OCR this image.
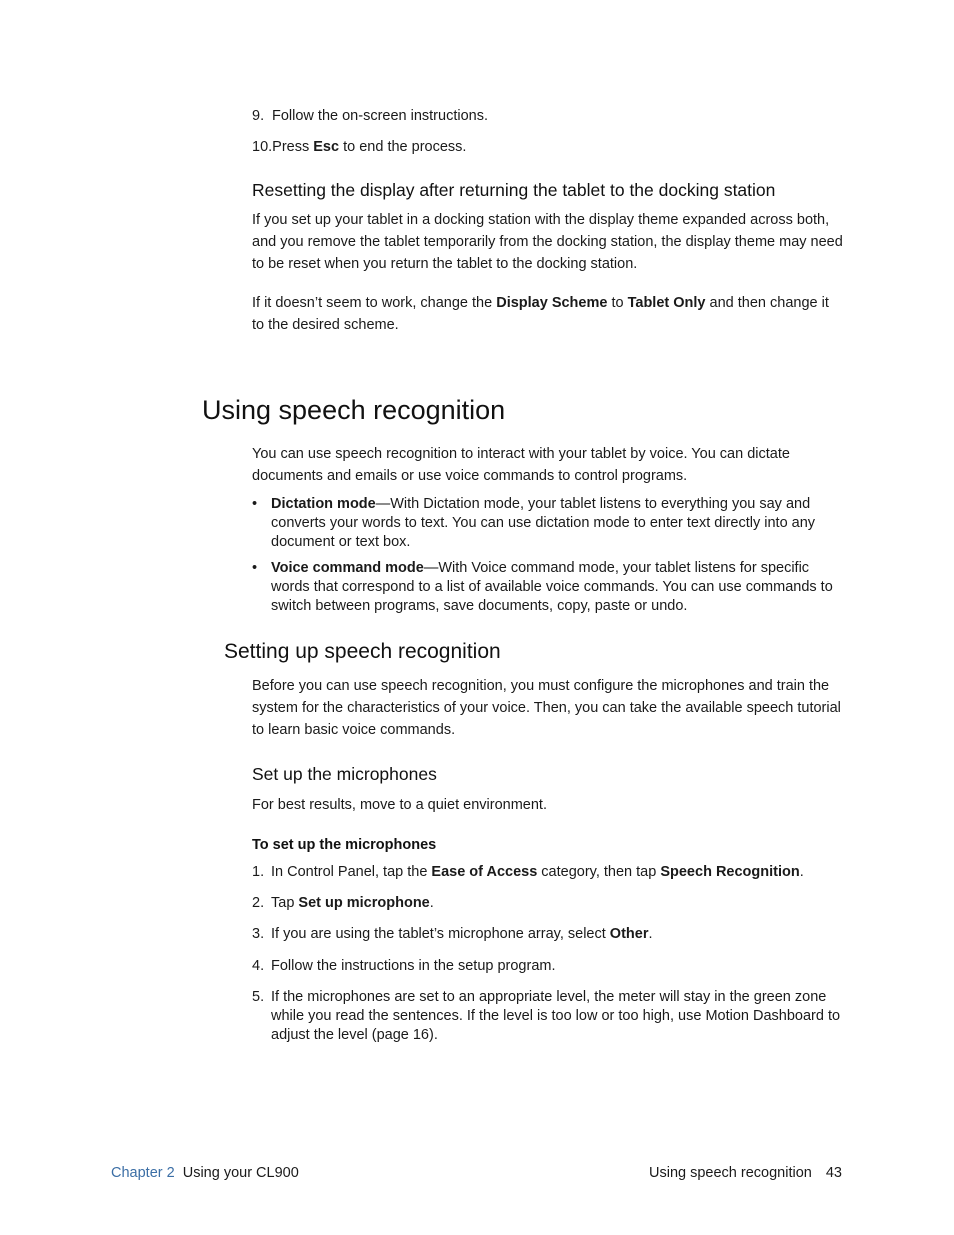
9. Follow the on-screen instructions.
10.Press Esc to end the process.
Resetting the display after returning the tablet to the docking station

If you set up your tablet in a docking station with the display theme expanded across both, and you remove the tablet temporarily from the docking station, the display theme may need to be reset when you return the tablet to the docking station.

If it doesn’t seem to work, change the Display Scheme to Tablet Only and then change it to the desired scheme.

Using speech recognition

You can use speech recognition to interact with your tablet by voice. You can dictate documents and emails or use voice commands to control programs.

• Dictation mode—With Dictation mode, your tablet listens to everything you say and converts your words to text. You can use dictation mode to enter text directly into any document or text box.
• Voice command mode—With Voice command mode, your tablet listens for specific words that correspond to a list of available voice commands. You can use commands to switch between programs, save documents, copy, paste or undo.
Setting up speech recognition

Before you can use speech recognition, you must configure the microphones and train the system for the characteristics of your voice. Then, you can take the available speech tutorial to learn basic voice commands.

Set up the microphones

For best results, move to a quiet environment.

To set up the microphones
1. In Control Panel, tap the Ease of Access category, then tap Speech Recognition.
2. Tap Set up microphone.
3. If you are using the tablet’s microphone array, select Other.
4. Follow the instructions in the setup program.
5. If the microphones are set to an appropriate level, the meter will stay in the green zone while you read the sentences. If the level is too low or too high, use Motion Dashboard to adjust the level (page 16).
Chapter 2 Using your CL900	Using speech recognition 43
